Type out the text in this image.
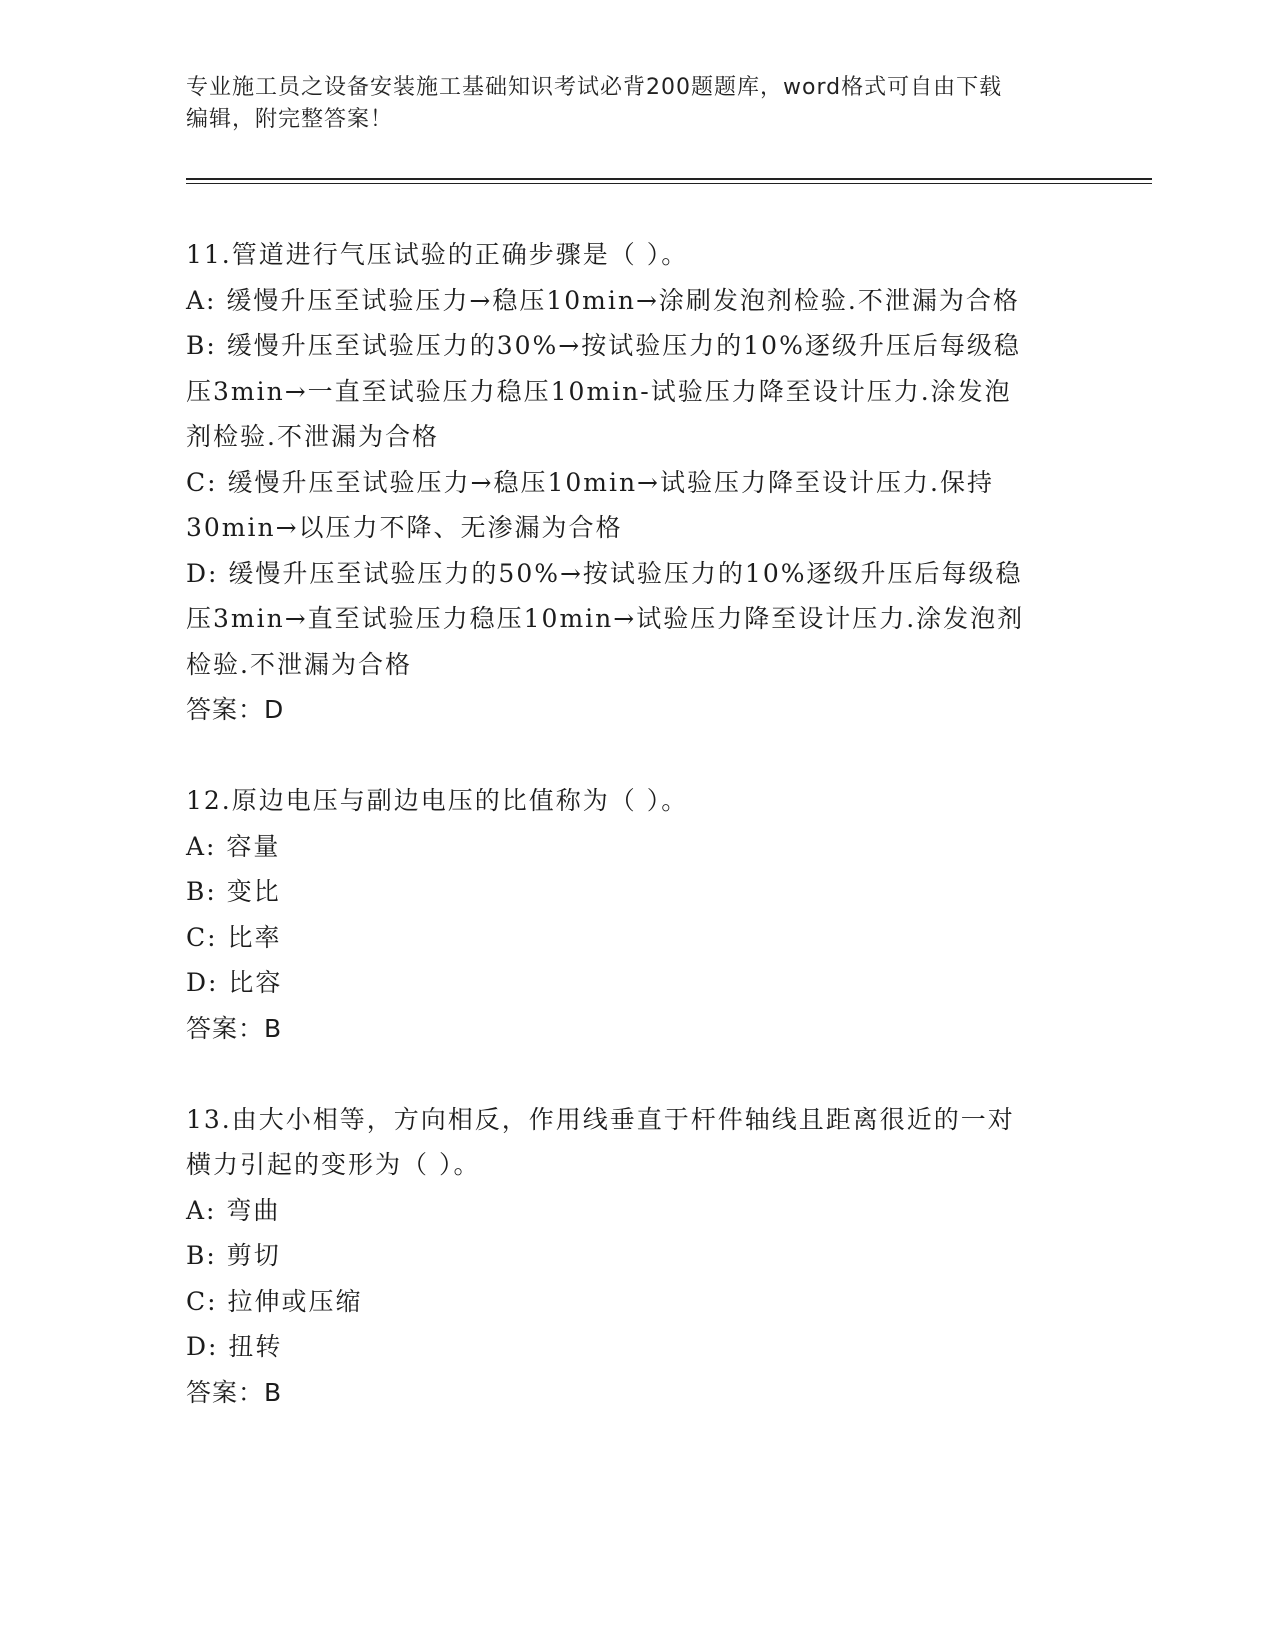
专业施工员之设备安装施工基础知识考试必背200题题库，word格式可自由下载
编辑，附完整答案！
11.管道进行气压试验的正确步骤是（ ）。
A: 缓慢升压至试验压力→稳压10min→涂刷发泡剂检验.不泄漏为合格
B: 缓慢升压至试验压力的30%→按试验压力的10%逐级升压后每级稳
压3min→一直至试验压力稳压10min-试验压力降至设计压力.涂发泡
剂检验.不泄漏为合格
C: 缓慢升压至试验压力→稳压10min→试验压力降至设计压力.保持
30min→以压力不降、无渗漏为合格
D: 缓慢升压至试验压力的50%→按试验压力的10%逐级升压后每级稳
压3min→直至试验压力稳压10min→试验压力降至设计压力.涂发泡剂
检验.不泄漏为合格
答案：D
12.原边电压与副边电压的比值称为（ ）。
A: 容量
B: 变比
C: 比率
D: 比容
答案：B
13.由大小相等，方向相反，作用线垂直于杆件轴线且距离很近的一对
横力引起的变形为（ ）。
A: 弯曲
B: 剪切
C: 拉伸或压缩
D: 扭转
答案：B
